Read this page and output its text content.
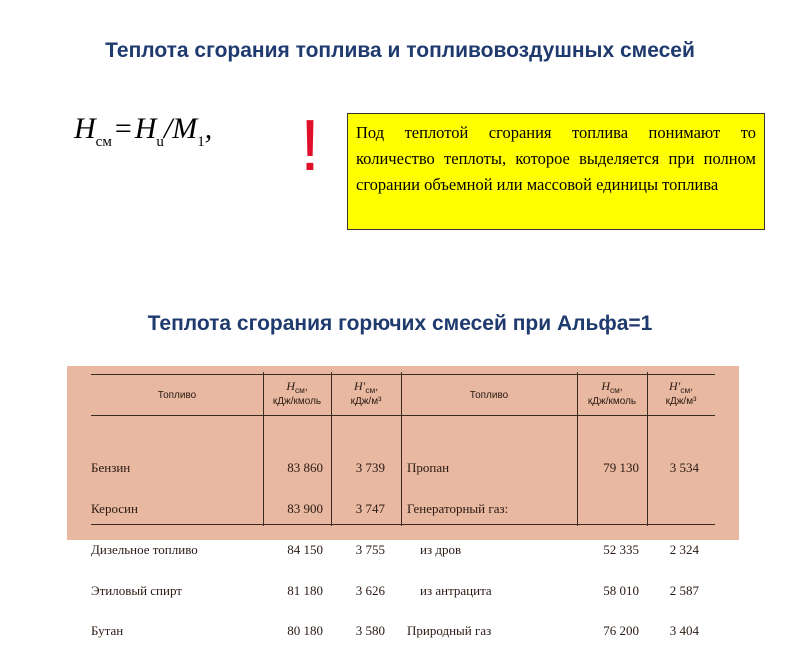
Теплота сгорания топлива и топливовоздушных смесей
$H_{см} = H_u/M_1$, !	Под теплотой сгорания топлива понимают то количество теплоты, которое выделяется при полном сгорании объемной или массовой единицы топлива
Теплота сгорания горючих смесей при Альфа=1
Топливо
$H_{см}$,
кДж/кмоль
$H'_{см}$,
кДж/м³
Топливо
$H_{см}$,
кДж/кмоль
$H'_{см}$,
кДж/м³

Бензин

Керосин

Дизельное топливо

Этиловый спирт

Бутан

83 860

83 900

84 150

81 180

80 180

3 739

3 747

3 755

3 626

3 580

Пропан

Генераторный газ:

из дров

из антрацита

Природный газ

79 130

52 335

58 010

76 200

3 534

2 324

2 587

3 404
